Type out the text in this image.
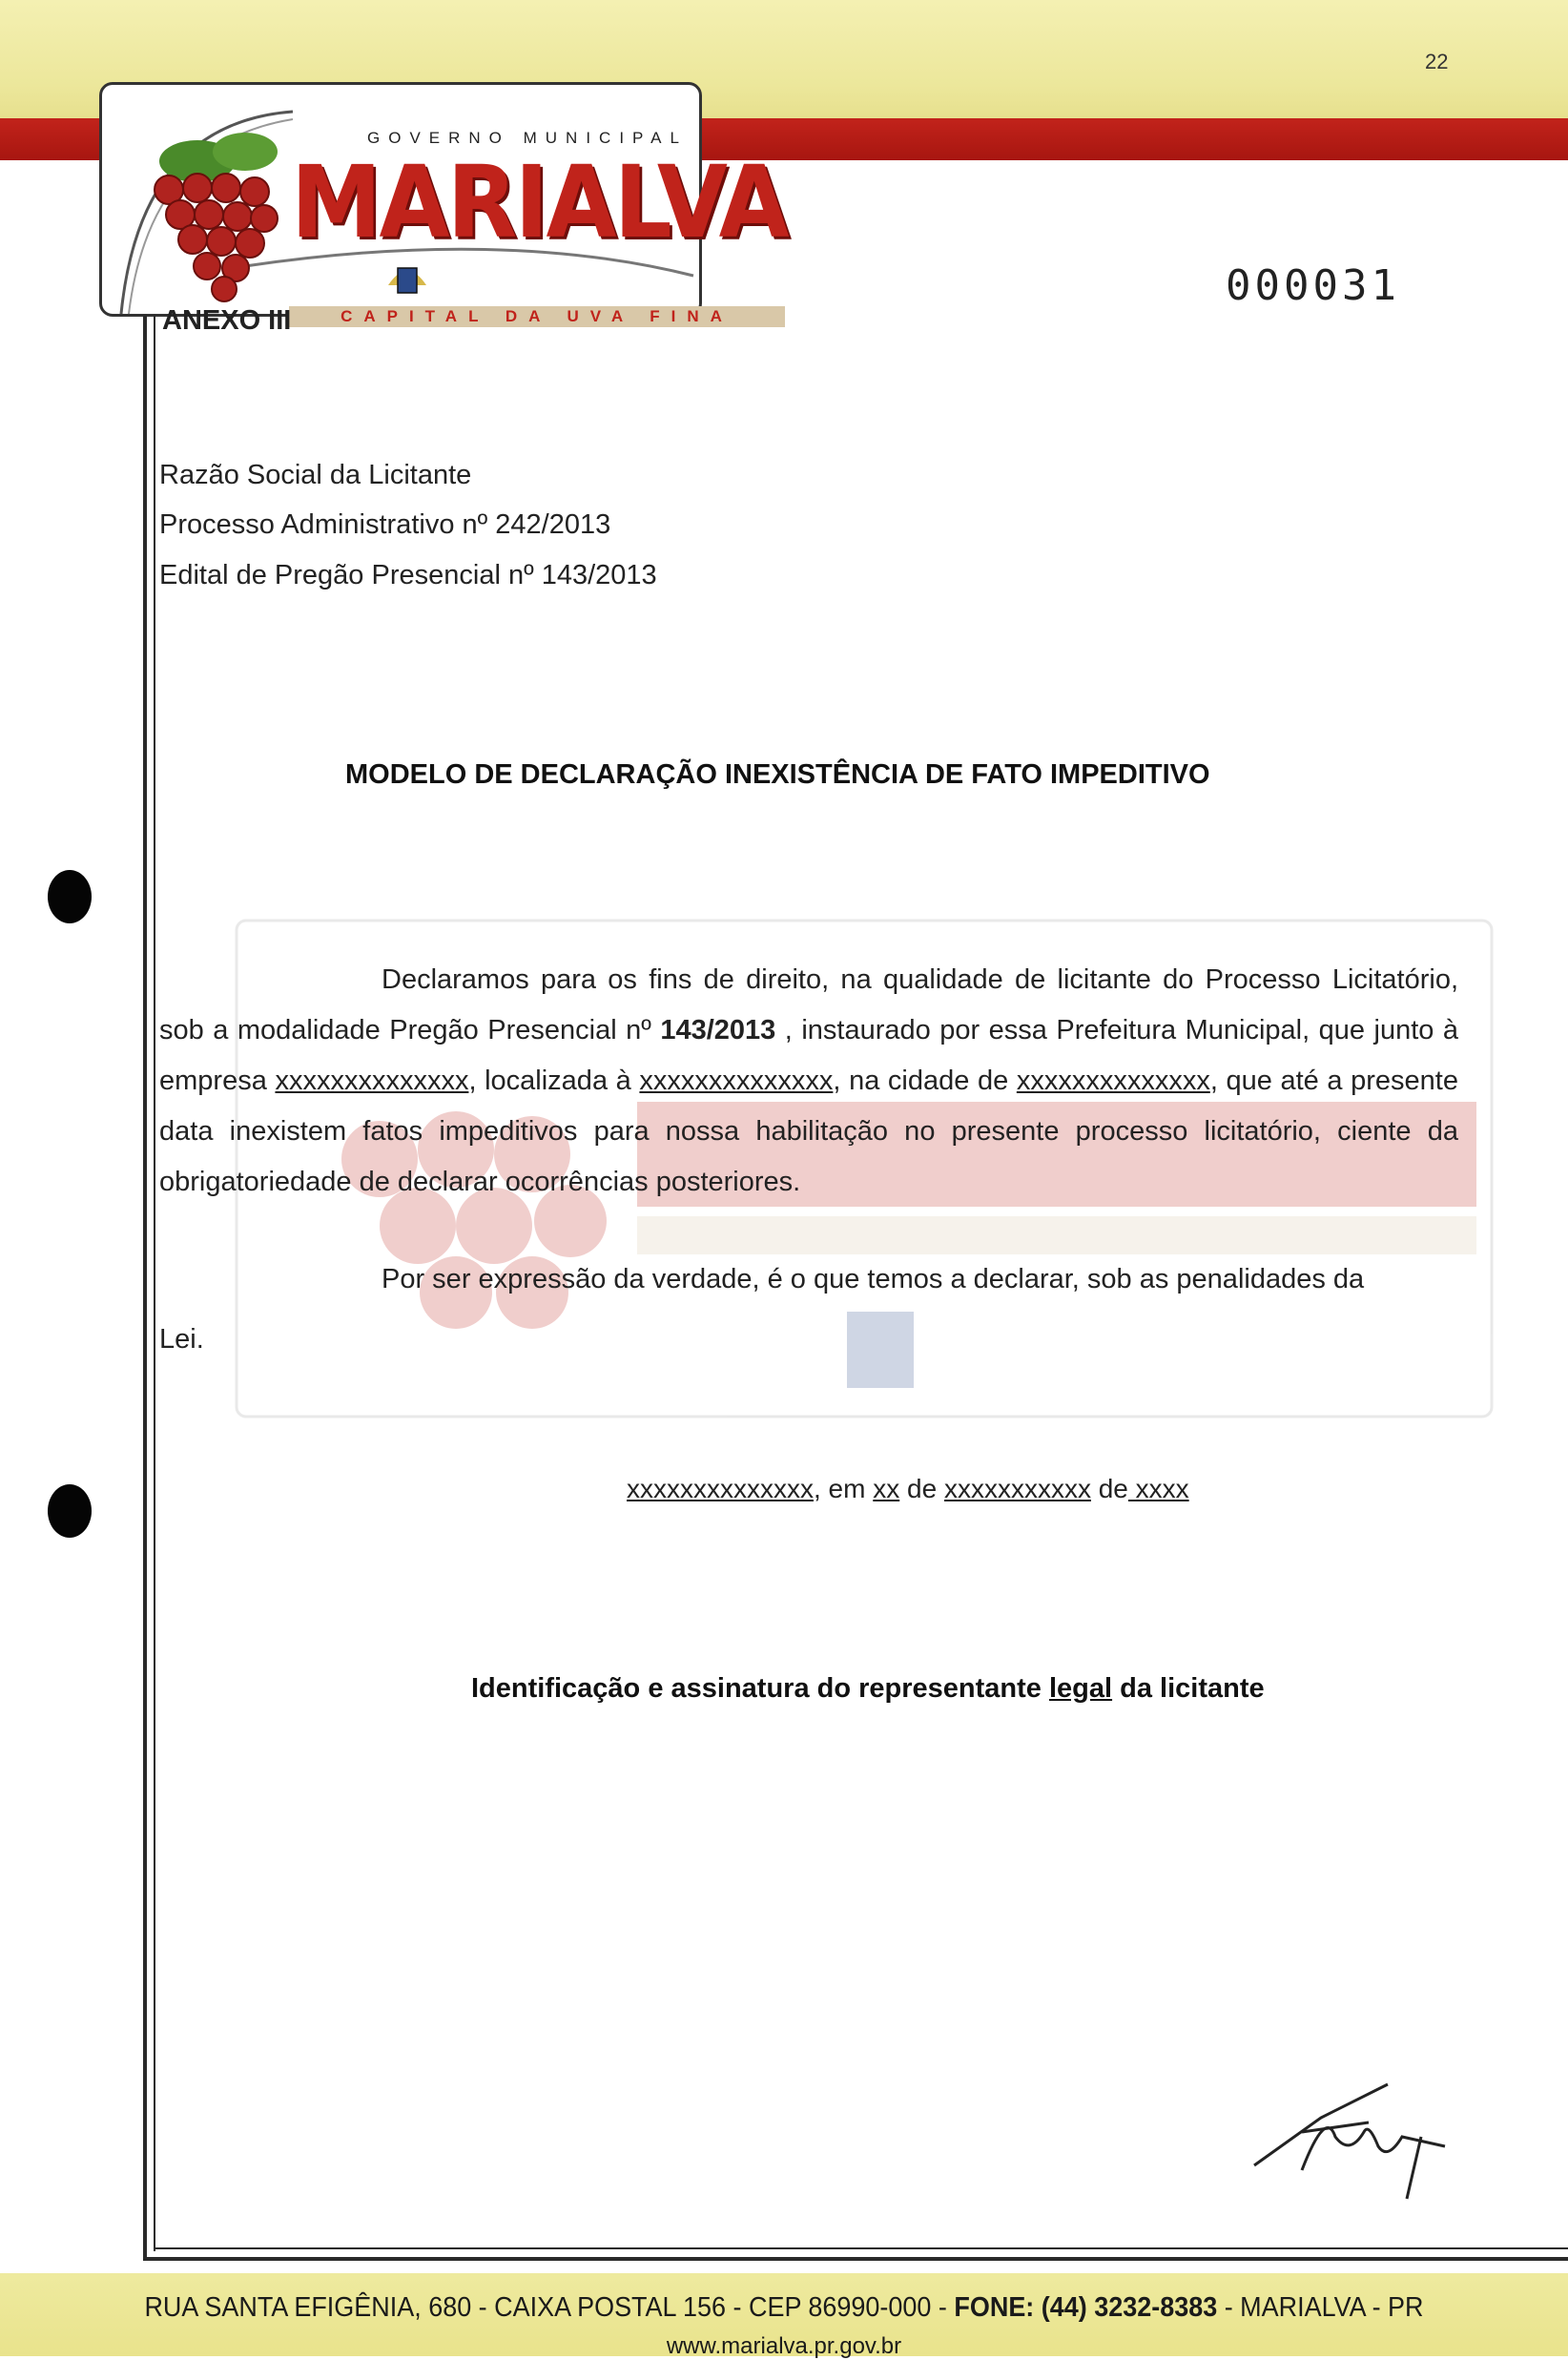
22
GOVERNO MUNICIPAL
MARIALVA
CAPITAL DA UVA FINA
ANEXO III
000031
Razão Social da Licitante
Processo Administrativo nº 242/2013
Edital de Pregão Presencial nº 143/2013
MODELO DE DECLARAÇÃO INEXISTÊNCIA DE FATO IMPEDITIVO
Declaramos para os fins de direito, na qualidade de licitante do Processo Licitatório, sob a modalidade Pregão Presencial nº 143/2013 , instaurado por essa Prefeitura Municipal, que junto à empresa xxxxxxxxxxxxxx, localizada à xxxxxxxxxxxxxx, na cidade de xxxxxxxxxxxxxx, que até a presente data inexistem fatos impeditivos para nossa habilitação no presente processo licitatório, ciente da obrigatoriedade de declarar ocorrências posteriores.
Por ser expressão da verdade, é o que temos a declarar, sob as penalidades da
Lei.
xxxxxxxxxxxxxx, em xx de xxxxxxxxxxx de xxxx
Identificação e assinatura do representante legal da licitante
RUA SANTA EFIGÊNIA, 680 - CAIXA POSTAL 156 - CEP 86990-000 - FONE: (44) 3232-8383 - MARIALVA - PR
www.marialva.pr.gov.br
